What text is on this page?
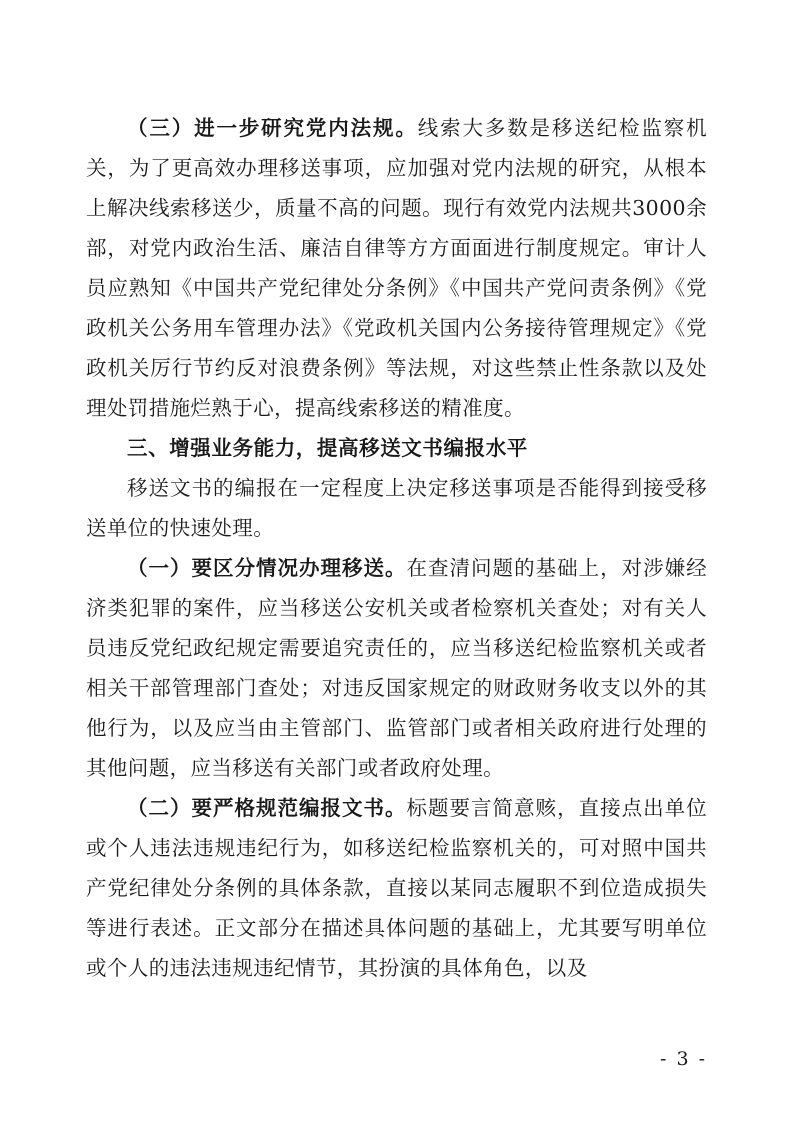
（三）进一步研究党内法规。线索大多数是移送纪检监察机关，为了更高效办理移送事项，应加强对党内法规的研究，从根本上解决线索移送少，质量不高的问题。现行有效党内法规共3000余部，对党内政治生活、廉洁自律等方方面面进行制度规定。审计人员应熟知《中国共产党纪律处分条例》《中国共产党问责条例》《党政机关公务用车管理办法》《党政机关国内公务接待管理规定》《党政机关厉行节约反对浪费条例》等法规，对这些禁止性条款以及处理处罚措施烂熟于心，提高线索移送的精准度。

三、增强业务能力，提高移送文书编报水平

移送文书的编报在一定程度上决定移送事项是否能得到接受移送单位的快速处理。

（一）要区分情况办理移送。在查清问题的基础上，对涉嫌经济类犯罪的案件，应当移送公安机关或者检察机关查处；对有关人员违反党纪政纪规定需要追究责任的，应当移送纪检监察机关或者相关干部管理部门查处；对违反国家规定的财政财务收支以外的其他行为，以及应当由主管部门、监管部门或者相关政府进行处理的其他问题，应当移送有关部门或者政府处理。

（二）要严格规范编报文书。标题要言简意赅，直接点出单位或个人违法违规违纪行为，如移送纪检监察机关的，可对照中国共产党纪律处分条例的具体条款，直接以某同志履职不到位造成损失等进行表述。正文部分在描述具体问题的基础上，尤其要写明单位或个人的违法违规违纪情节，其扮演的具体角色，以及

- 3 -
